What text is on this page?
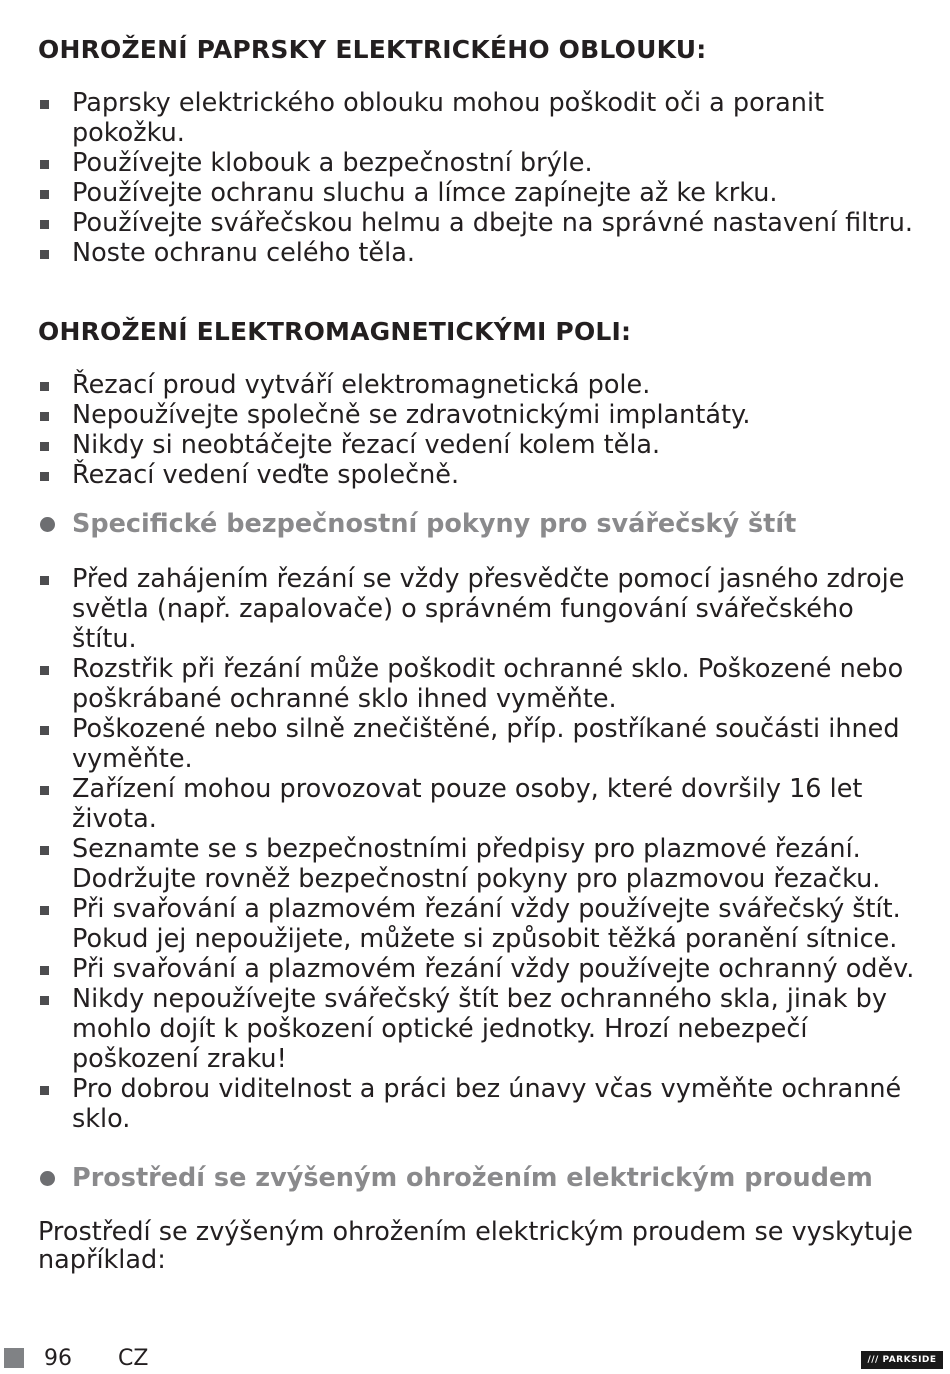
OHROŽENÍ PAPRSKY ELEKTRICKÉHO OBLOUKU:
Paprsky elektrického oblouku mohou poškodit oči a poranit pokožku.
Používejte klobouk a bezpečnostní brýle.
Používejte ochranu sluchu a límce zapínejte až ke krku.
Používejte svářečskou helmu a dbejte na správné nastavení filtru.
Noste ochranu celého těla.
OHROŽENÍ ELEKTROMAGNETICKÝMI POLI:
Řezací proud vytváří elektromagnetická pole.
Nepoužívejte společně se zdravotnickými implantáty.
Nikdy si neobtáčejte řezací vedení kolem těla.
Řezací vedení veďte společně.
Specifické bezpečnostní pokyny pro svářečský štít
Před zahájením řezání se vždy přesvědčte pomocí jasného zdroje světla (např. zapalovače) o správném fungování svářečského štítu.
Rozstřik při řezání může poškodit ochranné sklo. Poškozené nebo poškrábané ochranné sklo ihned vyměňte.
Poškozené nebo silně znečištěné, příp. postříkané součásti ihned vyměňte.
Zařízení mohou provozovat pouze osoby, které dovršily 16 let života.
Seznamte se s bezpečnostními předpisy pro plazmové řezání. Dodržujte rovněž bezpečnostní pokyny pro plazmovou řezačku.
Při svařování a plazmovém řezání vždy používejte svářečský štít. Pokud jej nepoužijete, můžete si způsobit těžká poranění sítnice.
Při svařování a plazmovém řezání vždy používejte ochranný oděv.
Nikdy nepoužívejte svářečský štít bez ochranného skla, jinak by mohlo dojít k poškození optické jednotky. Hrozí nebezpečí poškození zraku!
Pro dobrou viditelnost a práci bez únavy včas vyměňte ochranné sklo.
Prostředí se zvýšeným ohrožením elektrickým proudem

Prostředí se zvýšeným ohrožením elektrickým proudem se vyskytuje například:

96 CZ	/// PARKSIDE
